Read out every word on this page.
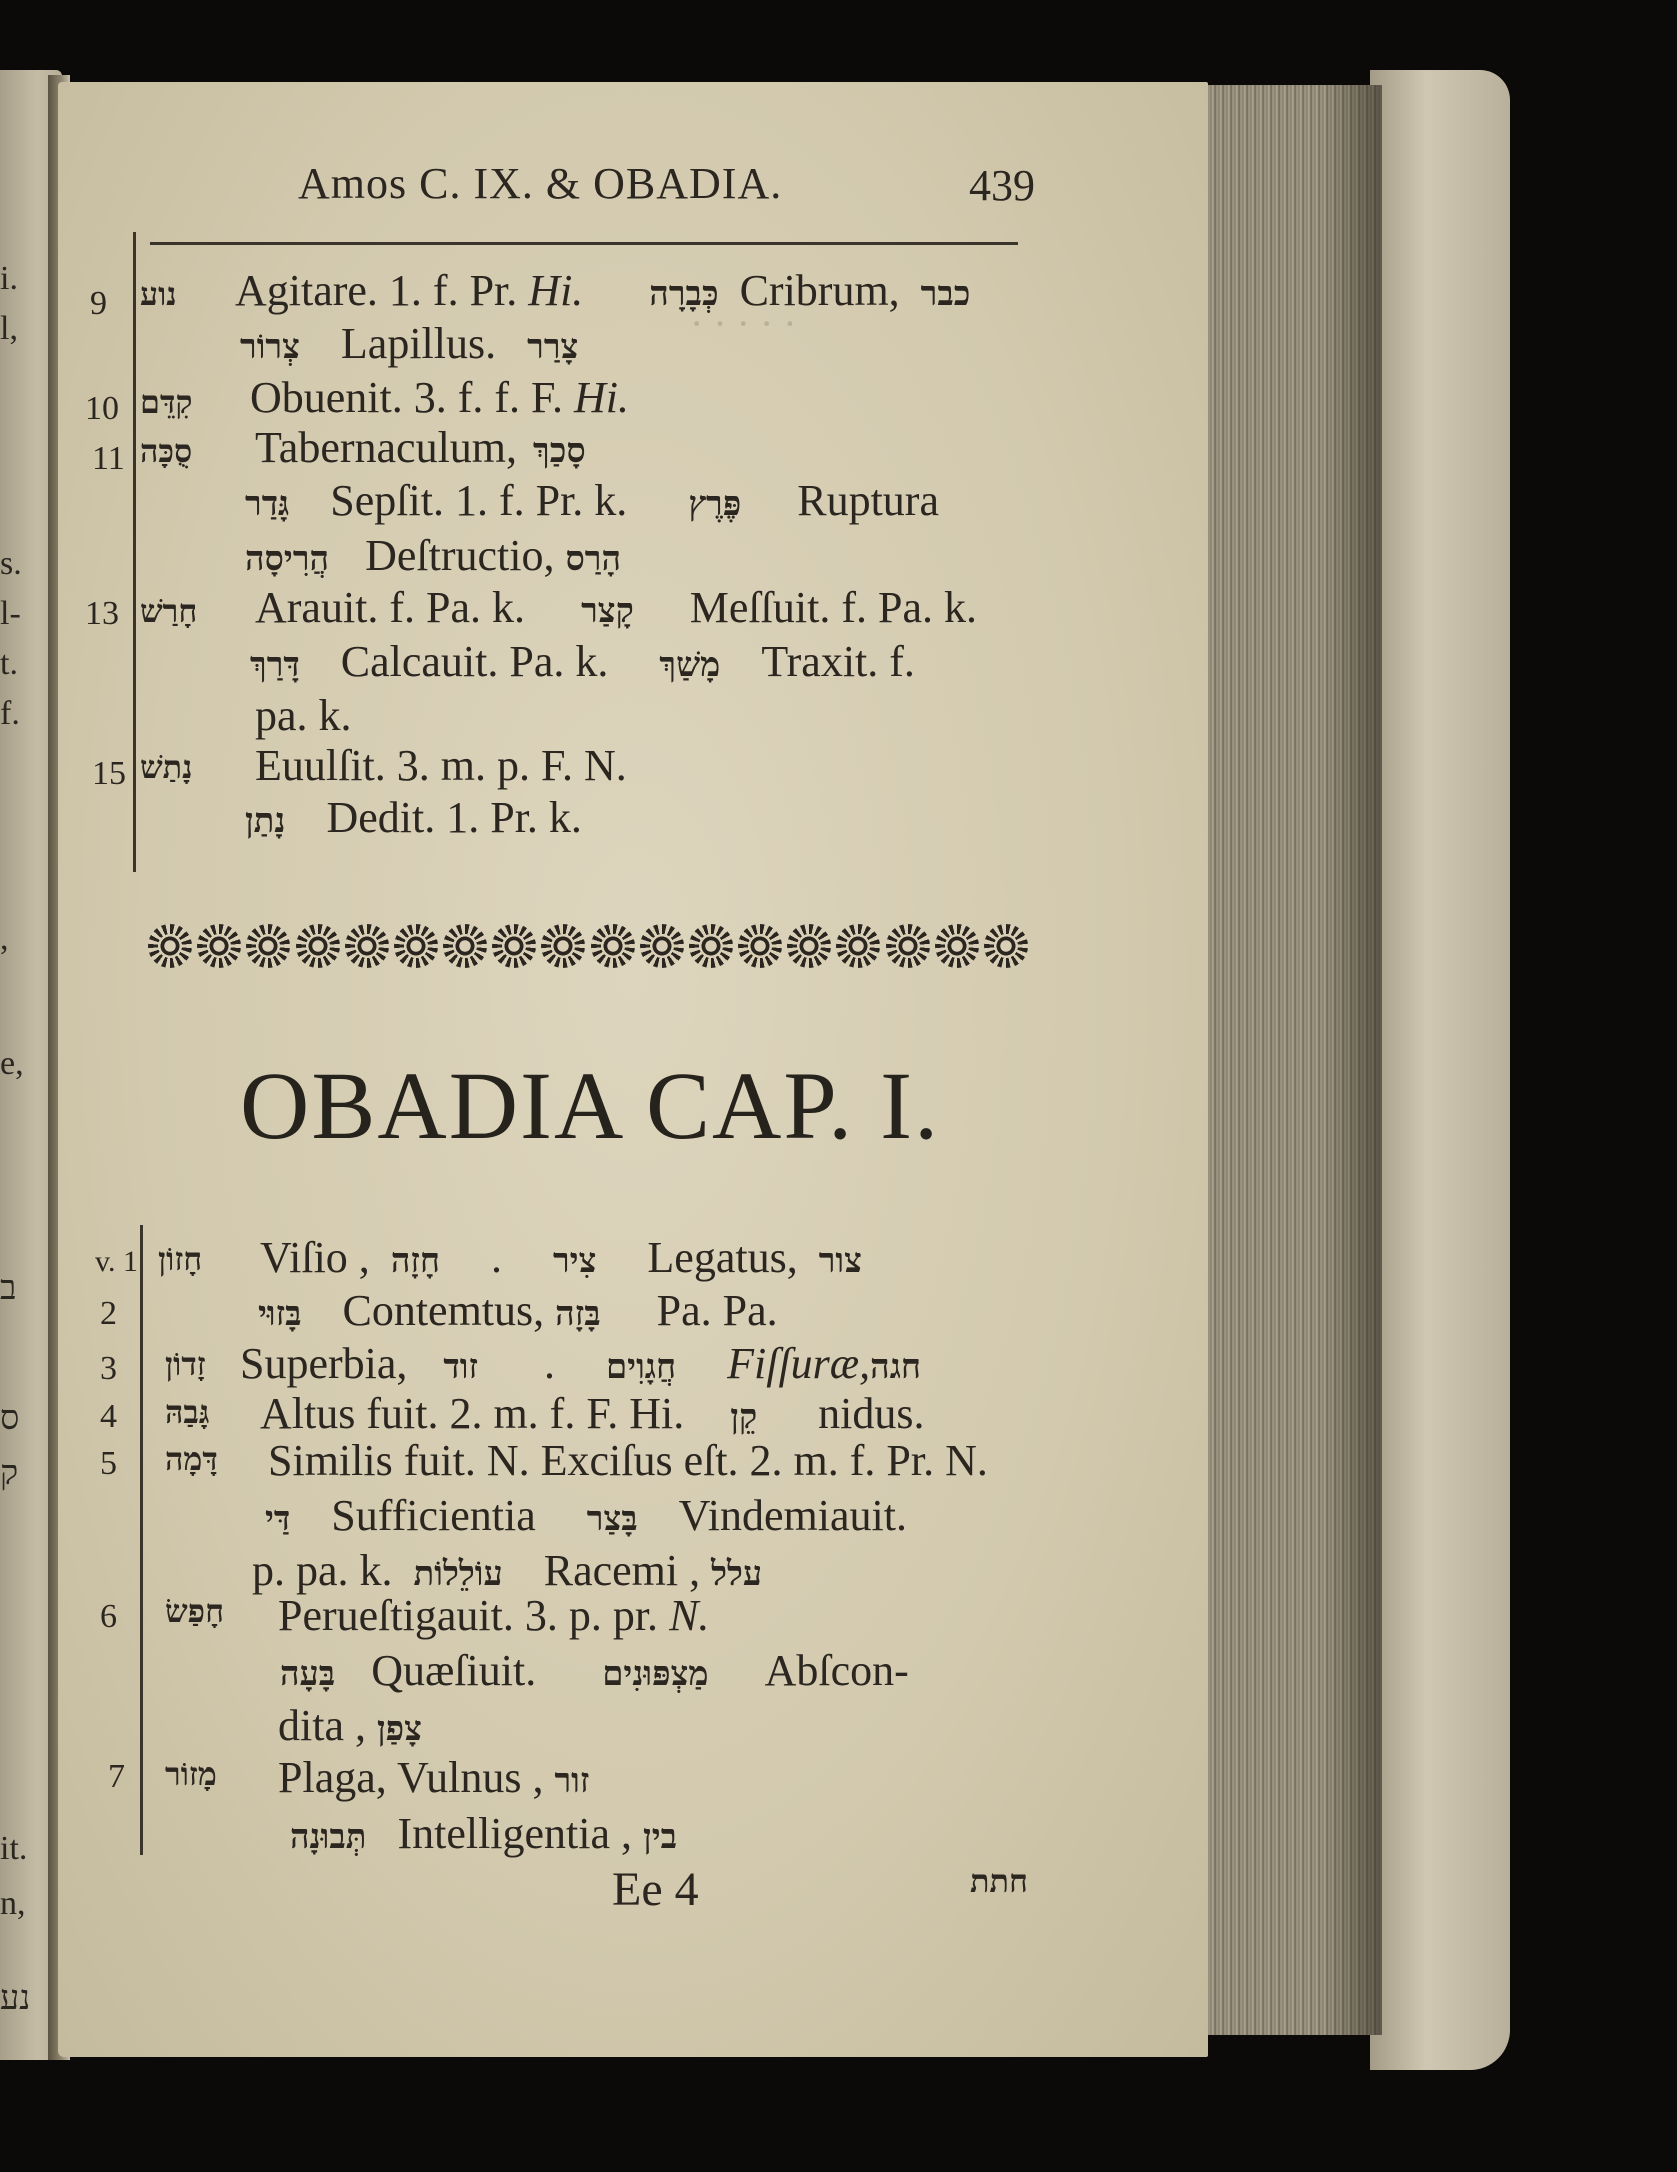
i.
l,
s.
l-
t.
f.
,
e,
ב
ס
ק
it.
n,
נע
· · · · ·
Amos C. IX. & OBADIA.	439
9 נוע Agitare. 1. f. Pr. Hi. כְּבָרָה Cribrum, כבר
צְרוֹר Lapillus. צָרַר
10 קִדֵּם Obuenit. 3. f. f. F. Hi.
11 סֻכָּה Tabernaculum, סָכַךְ
גָּדַר Sepſit. 1. f. Pr. k. פֶּרֶץ Ruptura
הֲרִיסָה Deſtructio, הָרַס
13 חָרַשׁ Arauit. f. Pa. k. קָצַר Meſſuit. f. Pa. k.
דָּרַךְ Calcauit. Pa. k. מָשַׁךְ Traxit. f.
pa. k.
15 נָתַשׁ Euulſit. 3. m. p. F. N.
נָתַן Dedit. 1. Pr. k.
OBADIA CAP. I.
v. 1 חָזוֹן Viſio , חָזָה . צִיר Legatus, צור
2	בָּזוּי Contemtus, בָּזָה Pa. Pa.
3 זָדוֹן Superbia, זוד . חֲגָוִים Fiſſuræ,חגה
4 גָּבַהּ Altus fuit. 2. m. f. F. Hi. קֵן nidus.
5 דָּמָה Similis fuit. N. Exciſus eſt. 2. m. f. Pr. N.
דַּי Sufficientia בָּצַר Vindemiauit.
p. pa. k. עוֹלֵלוֹת Racemi , עלל
6 חָפַשׂ Perueſtigauit. 3. p. pr. N.
בָּעָה Quæſiuit. מַצְפּוּנִים Abſcon-
dita , צָפַן
7 מָזוֹר Plaga, Vulnus , זור
תְּבוּנָה Intelligentia , בין
Ee 4	חתת
